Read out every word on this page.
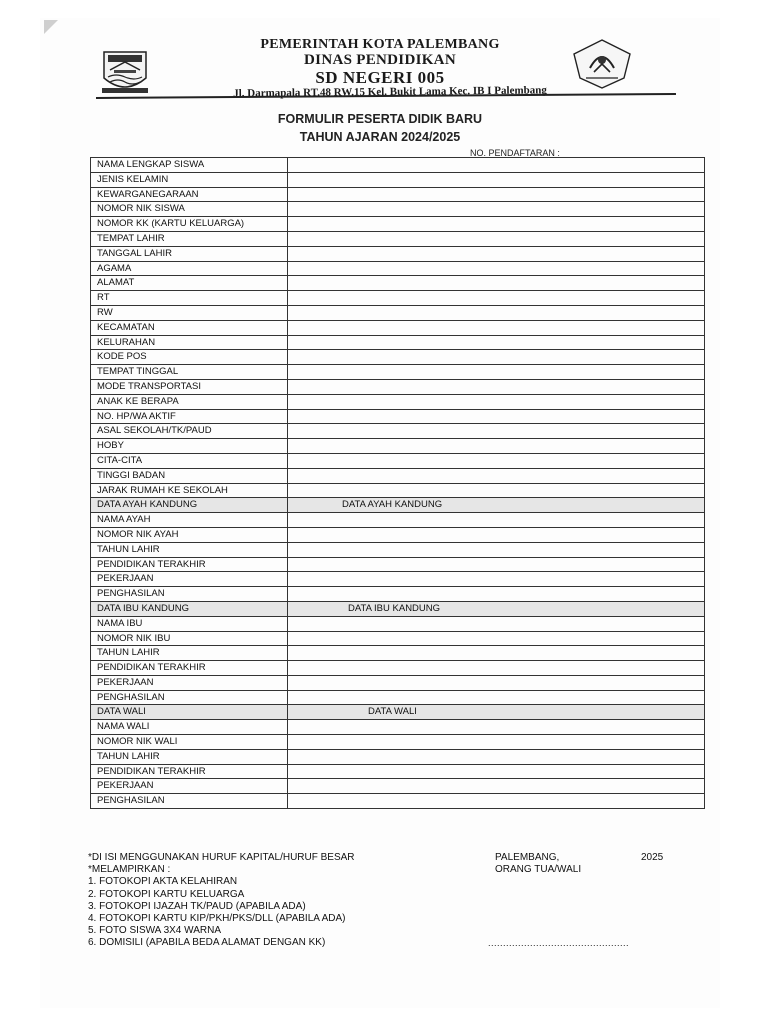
PEMERINTAH KOTA PALEMBANG
DINAS PENDIDIKAN
SD NEGERI 005
Jl. Darmapala RT.48 RW.15 Kel. Bukit Lama Kec. IB I Palembang
FORMULIR PESERTA DIDIK BARU
TAHUN AJARAN 2024/2025
NO. PENDAFTARAN :
NAMA LENGKAP SISWA	
JENIS KELAMIN	
KEWARGANEGARAAN	
NOMOR NIK SISWA	
NOMOR KK (KARTU KELUARGA)	
TEMPAT LAHIR	
TANGGAL LAHIR	
AGAMA	
ALAMAT	
RT	
RW	
KECAMATAN	
KELURAHAN	
KODE POS	
TEMPAT TINGGAL	
MODE TRANSPORTASI	
ANAK KE BERAPA	
NO. HP/WA AKTIF	
ASAL SEKOLAH/TK/PAUD	
HOBY	
CITA-CITA	
TINGGI BADAN	
JARAK RUMAH KE SEKOLAH	
DATA AYAH KANDUNG	DATA AYAH KANDUNG
NAMA AYAH	
NOMOR NIK AYAH	
TAHUN LAHIR	
PENDIDIKAN TERAKHIR	
PEKERJAAN	
PENGHASILAN	
DATA IBU KANDUNG	DATA IBU KANDUNG
NAMA IBU	
NOMOR NIK IBU	
TAHUN LAHIR	
PENDIDIKAN TERAKHIR	
PEKERJAAN	
PENGHASILAN	
DATA WALI	DATA WALI
NAMA WALI	
NOMOR NIK WALI	
TAHUN LAHIR	
PENDIDIKAN TERAKHIR	
PEKERJAAN	
PENGHASILAN	
*DI ISI MENGGUNAKAN HURUF KAPITAL/HURUF BESAR
*MELAMPIRKAN :
1. FOTOKOPI AKTA KELAHIRAN
2. FOTOKOPI KARTU KELUARGA
3. FOTOKOPI IJAZAH TK/PAUD (APABILA ADA)
4. FOTOKOPI KARTU KIP/PKH/PKS/DLL (APABILA ADA)
5. FOTO SISWA 3X4 WARNA
6. DOMISILI (APABILA BEDA ALAMAT DENGAN KK)
PALEMBANG,	2025
ORANG TUA/WALI
...............................................
